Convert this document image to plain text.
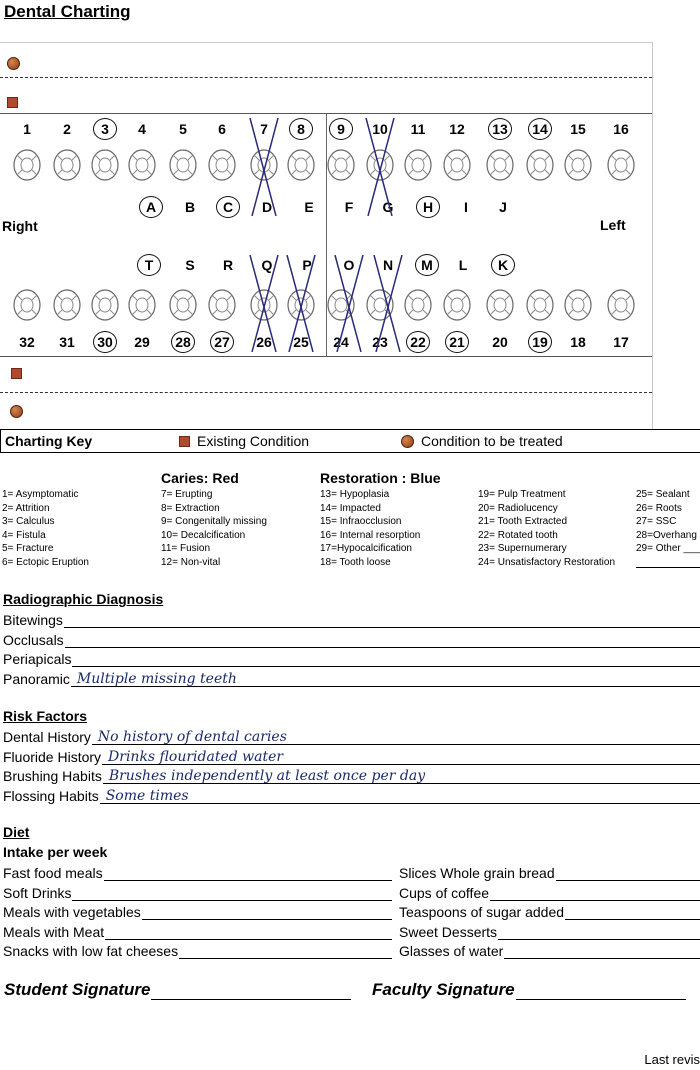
Dental Charting
1	2	3	4	5	6	7	8	9	10	11	12	13	14	15	16
A	B	C	D	E	F	G	H	I	J
T	S	R	Q	P	O	N	M	L	K
32	31	30	29	28	27	26	25	24	23	22	21	20	19	18	17
Right	Left
Charting Key	Existing Condition	Condition to be treated
Caries: Red	Restoration : Blue
1= Asymptomatic
2= Attrition
3= Calculus
4= Fistula
5= Fracture
6= Ectopic Eruption
7= Erupting
8= Extraction
9= Congenitally missing
10= Decalcification
11= Fusion
12= Non-vital
13= Hypoplasia
14= Impacted
15= Infraocclusion
16= Internal resorption
17=Hypocalcification
18= Tooth loose
19= Pulp Treatment
20= Radiolucency
21= Tooth Extracted
22= Rotated tooth
23= Supernumerary
24= Unsatisfactory Restoration
25= Sealant
26= Roots
27= SSC
28=Overhang
29= Other ___
Radiographic Diagnosis
Bitewings
Occlusals
Periapicals
Panoramic Multiple missing teeth
Risk Factors
Dental History No history of dental caries
Fluoride History Drinks flouridated water
Brushing Habits Brushes independently at least once per day
Flossing Habits Some times
Diet
Intake per week
Fast food meals
Soft Drinks
Meals with vegetables
Meals with Meat
Snacks with low fat cheeses
Slices Whole grain bread
Cups of coffee
Teaspoons of sugar added
Sweet Desserts
Glasses of water
Student Signature	Faculty Signature
Last revis
